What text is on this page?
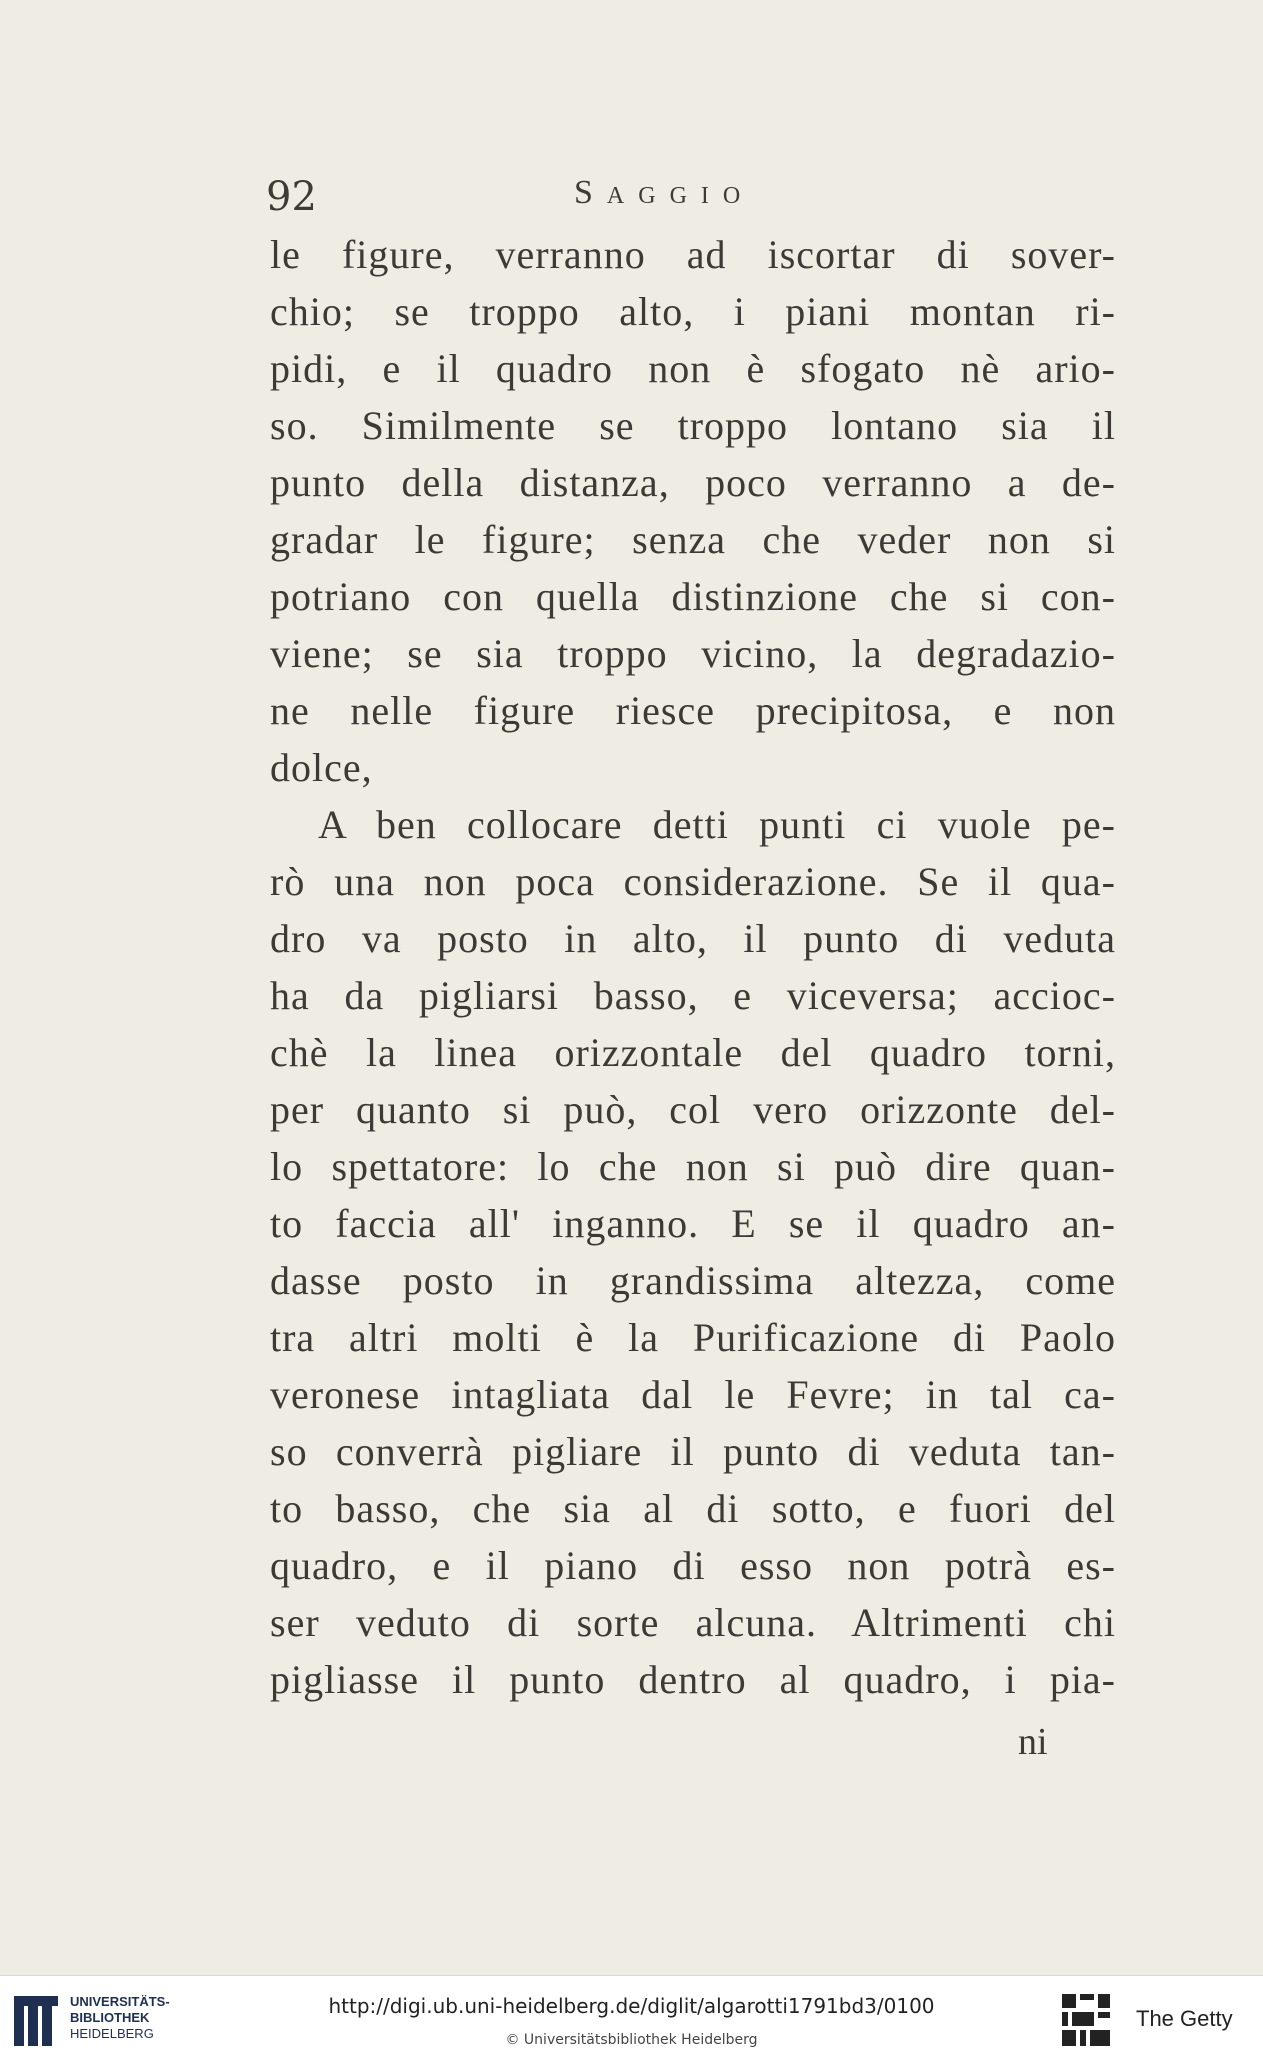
92	Saggio
le figure, verranno ad iscortar di sover-
chio; se troppo alto, i piani montan ri-
pidi, e il quadro non è sfogato nè ario-
so. Similmente se troppo lontano sia il
punto della distanza, poco verranno a de-
gradar le figure; senza che veder non si
potriano con quella distinzione che si con-
viene; se sia troppo vicino, la degradazio-
ne nelle figure riesce precipitosa, e non
dolce,
A ben collocare detti punti ci vuole pe-
rò una non poca considerazione. Se il qua-
dro va posto in alto, il punto di veduta
ha da pigliarsi basso, e viceversa; accioc-
chè la linea orizzontale del quadro torni,
per quanto si può, col vero orizzonte del-
lo spettatore: lo che non si può dire quan-
to faccia all' inganno. E se il quadro an-
dasse posto in grandissima altezza, come
tra altri molti è la Purificazione di Paolo
veronese intagliata dal le Fevre; in tal ca-
so converrà pigliare il punto di veduta tan-
to basso, che sia al di sotto, e fuori del
quadro, e il piano di esso non potrà es-
ser veduto di sorte alcuna. Altrimenti chi
pigliasse il punto dentro al quadro, i pia-
ni
UNIVERSITÄTS-
BIBLIOTHEK
HEIDELBERG
http://digi.ub.uni-heidelberg.de/diglit/algarotti1791bd3/0100
© Universitätsbibliothek Heidelberg
The Getty
